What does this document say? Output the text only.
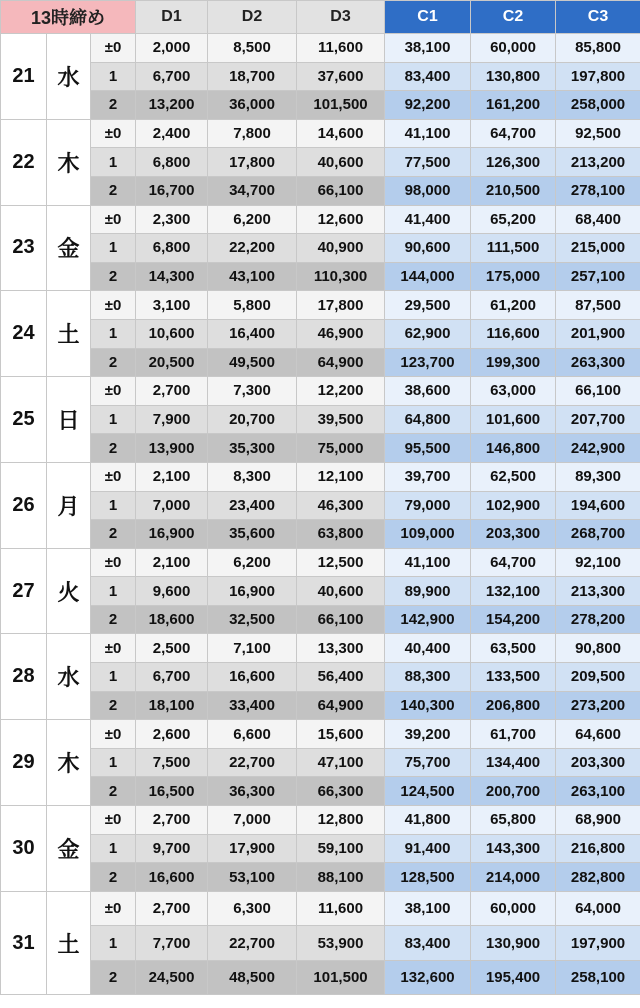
13時締め			D1	D2	D3	C1	C2	C3
21	水	±0	2,000	8,500	11,600	38,100	60,000	85,800
		1	6,700	18,700	37,600	83,400	130,800	197,800
		2	13,200	36,000	101,500	92,200	161,200	258,000
22	木	±0	2,400	7,800	14,600	41,100	64,700	92,500
		1	6,800	17,800	40,600	77,500	126,300	213,200
		2	16,700	34,700	66,100	98,000	210,500	278,100
23	金	±0	2,300	6,200	12,600	41,400	65,200	68,400
		1	6,800	22,200	40,900	90,600	111,500	215,000
		2	14,300	43,100	110,300	144,000	175,000	257,100
24	土	±0	3,100	5,800	17,800	29,500	61,200	87,500
		1	10,600	16,400	46,900	62,900	116,600	201,900
		2	20,500	49,500	64,900	123,700	199,300	263,300
25	日	±0	2,700	7,300	12,200	38,600	63,000	66,100
		1	7,900	20,700	39,500	64,800	101,600	207,700
		2	13,900	35,300	75,000	95,500	146,800	242,900
26	月	±0	2,100	8,300	12,100	39,700	62,500	89,300
		1	7,000	23,400	46,300	79,000	102,900	194,600
		2	16,900	35,600	63,800	109,000	203,300	268,700
27	火	±0	2,100	6,200	12,500	41,100	64,700	92,100
		1	9,600	16,900	40,600	89,900	132,100	213,300
		2	18,600	32,500	66,100	142,900	154,200	278,200
28	水	±0	2,500	7,100	13,300	40,400	63,500	90,800
		1	6,700	16,600	56,400	88,300	133,500	209,500
		2	18,100	33,400	64,900	140,300	206,800	273,200
29	木	±0	2,600	6,600	15,600	39,200	61,700	64,600
		1	7,500	22,700	47,100	75,700	134,400	203,300
		2	16,500	36,300	66,300	124,500	200,700	263,100
30	金	±0	2,700	7,000	12,800	41,800	65,800	68,900
		1	9,700	17,900	59,100	91,400	143,300	216,800
		2	16,600	53,100	88,100	128,500	214,000	282,800
31	土	±0	2,700	6,300	11,600	38,100	60,000	64,000
		1	7,700	22,700	53,900	83,400	130,900	197,900
		2	24,500	48,500	101,500	132,600	195,400	258,100
